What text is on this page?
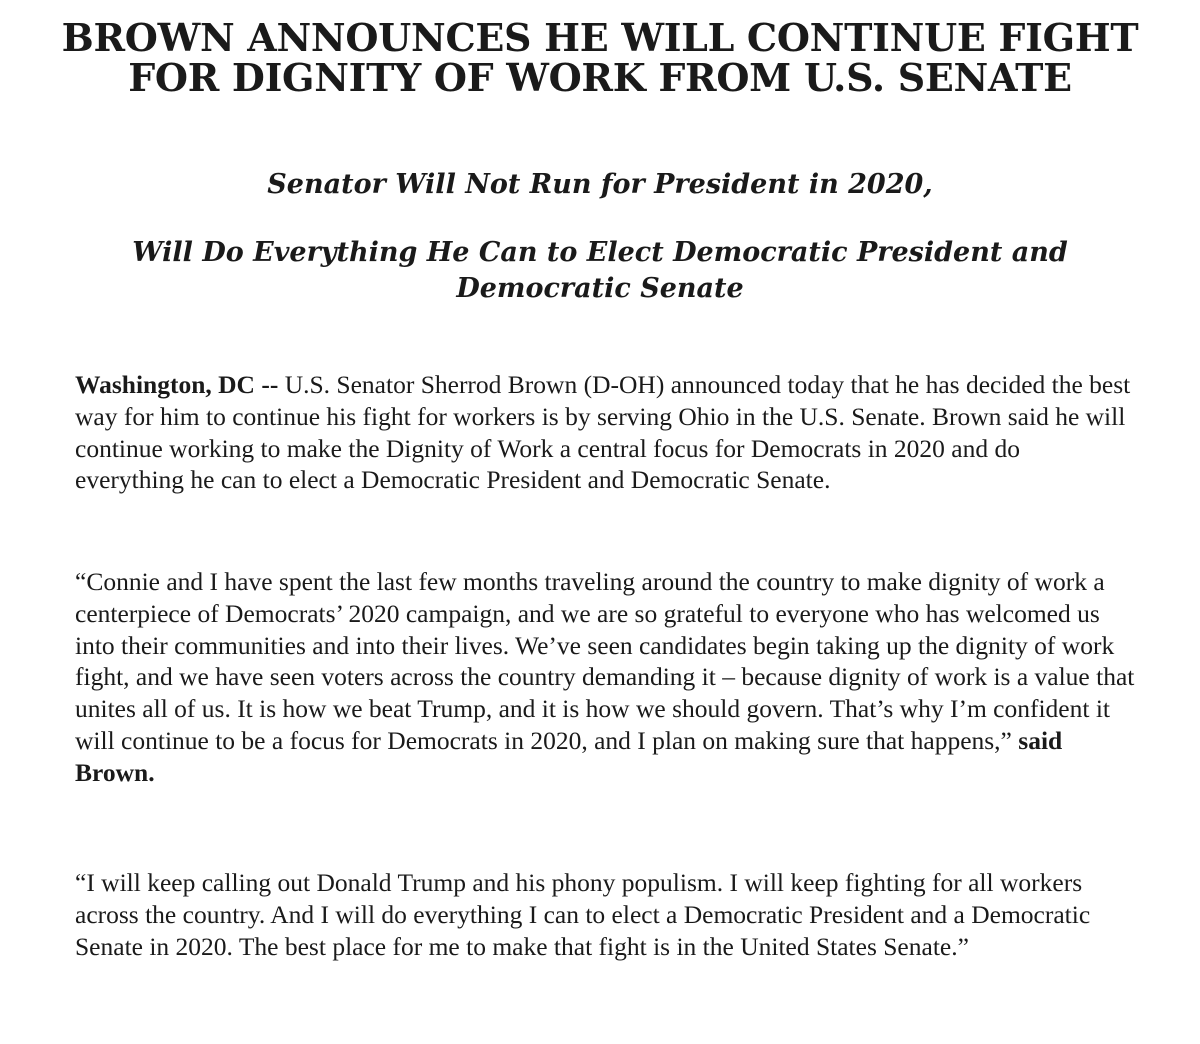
BROWN ANNOUNCES HE WILL CONTINUE FIGHT FOR DIGNITY OF WORK FROM U.S. SENATE
Senator Will Not Run for President in 2020,
Will Do Everything He Can to Elect Democratic President and Democratic Senate

Washington, DC -- U.S. Senator Sherrod Brown (D-OH) announced today that he has decided the best way for him to continue his fight for workers is by serving Ohio in the U.S. Senate. Brown said he will continue working to make the Dignity of Work a central focus for Democrats in 2020 and do everything he can to elect a Democratic President and Democratic Senate.

“Connie and I have spent the last few months traveling around the country to make dignity of work a centerpiece of Democrats’ 2020 campaign, and we are so grateful to everyone who has welcomed us into their communities and into their lives. We’ve seen candidates begin taking up the dignity of work fight, and we have seen voters across the country demanding it – because dignity of work is a value that unites all of us. It is how we beat Trump, and it is how we should govern. That’s why I’m confident it will continue to be a focus for Democrats in 2020, and I plan on making sure that happens,” said Brown.

“I will keep calling out Donald Trump and his phony populism. I will keep fighting for all workers across the country. And I will do everything I can to elect a Democratic President and a Democratic Senate in 2020. The best place for me to make that fight is in the United States Senate.”
